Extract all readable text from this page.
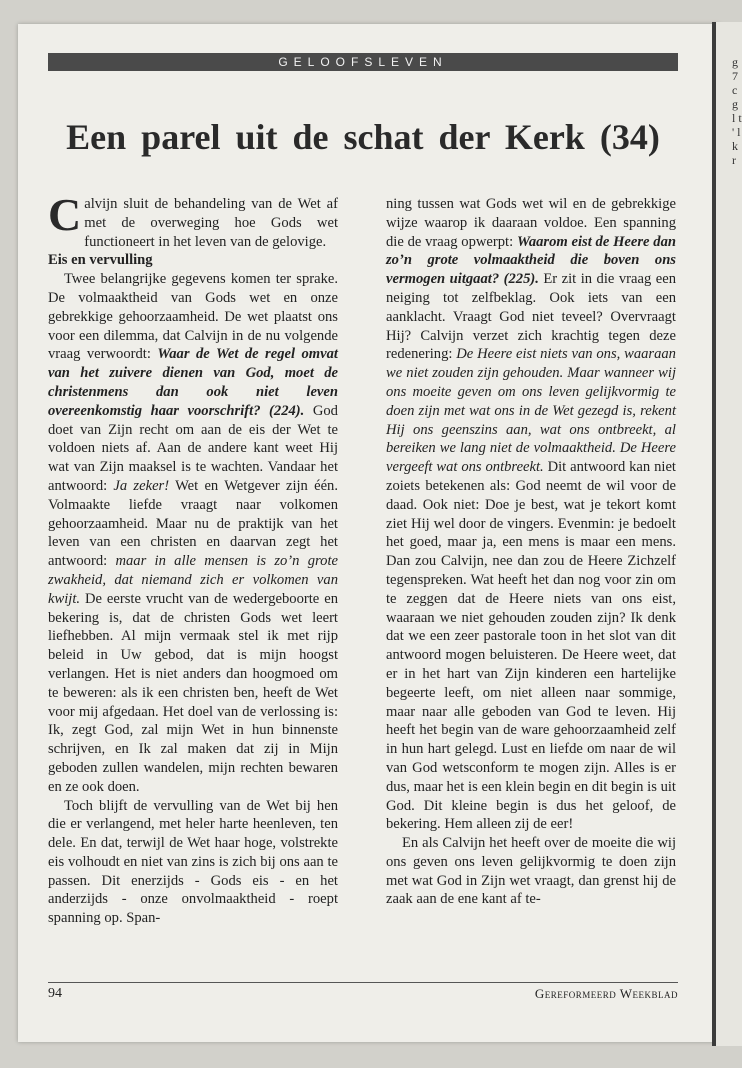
g 7 c g l t ' l k r
GELOOFSLEVEN
Een parel uit de schat der Kerk (34)

Calvijn sluit de behandeling van de Wet af met de overweging hoe Gods wet functioneert in het leven van de gelovige.

Eis en vervulling

Twee belangrijke gegevens komen ter sprake. De volmaaktheid van Gods wet en onze gebrekkige gehoorzaamheid. De wet plaatst ons voor een dilemma, dat Calvijn in de nu volgende vraag verwoordt: Waar de Wet de regel omvat van het zuivere dienen van God, moet de christenmens dan ook niet leven overeenkomstig haar voorschrift? (224). God doet van Zijn recht om aan de eis der Wet te voldoen niets af. Aan de andere kant weet Hij wat van Zijn maaksel is te wachten. Vandaar het antwoord: Ja zeker! Wet en Wetgever zijn één. Volmaakte liefde vraagt naar volkomen gehoorzaamheid. Maar nu de praktijk van het leven van een christen en daarvan zegt het antwoord: maar in alle mensen is zo’n grote zwakheid, dat niemand zich er volkomen van kwijt. De eerste vrucht van de wedergeboorte en bekering is, dat de christen Gods wet leert liefhebben. Al mijn vermaak stel ik met rijp beleid in Uw gebod, dat is mijn hoogst verlangen. Het is niet anders dan hoogmoed om te beweren: als ik een christen ben, heeft de Wet voor mij afgedaan. Het doel van de verlossing is: Ik, zegt God, zal mijn Wet in hun binnenste schrijven, en Ik zal maken dat zij in Mijn geboden zullen wandelen, mijn rechten bewaren en ze ook doen.

Toch blijft de vervulling van de Wet bij hen die er verlangend, met heler harte heenleven, ten dele. En dat, terwijl de Wet haar hoge, volstrekte eis volhoudt en niet van zins is zich bij ons aan te passen. Dit enerzijds - Gods eis - en het anderzijds - onze onvolmaaktheid - roept spanning op. Span-

ning tussen wat Gods wet wil en de gebrekkige wijze waarop ik daaraan voldoe. Een spanning die de vraag opwerpt: Waarom eist de Heere dan zo’n grote volmaaktheid die boven ons vermogen uitgaat? (225). Er zit in die vraag een neiging tot zelfbeklag. Ook iets van een aanklacht. Vraagt God niet teveel? Overvraagt Hij? Calvijn verzet zich krachtig tegen deze redenering: De Heere eist niets van ons, waaraan we niet zouden zijn gehouden. Maar wanneer wij ons moeite geven om ons leven gelijkvormig te doen zijn met wat ons in de Wet gezegd is, rekent Hij ons geenszins aan, wat ons ontbreekt, al bereiken we lang niet de volmaaktheid. De Heere vergeeft wat ons ontbreekt. Dit antwoord kan niet zoiets betekenen als: God neemt de wil voor de daad. Ook niet: Doe je best, wat je tekort komt ziet Hij wel door de vingers. Evenmin: je bedoelt het goed, maar ja, een mens is maar een mens. Dan zou Calvijn, nee dan zou de Heere Zichzelf tegenspreken. Wat heeft het dan nog voor zin om te zeggen dat de Heere niets van ons eist, waaraan we niet gehouden zouden zijn? Ik denk dat we een zeer pastorale toon in het slot van dit antwoord mogen beluisteren. De Heere weet, dat er in het hart van Zijn kinderen een hartelijke begeerte leeft, om niet alleen naar sommige, maar naar alle geboden van God te leven. Hij heeft het begin van de ware gehoorzaamheid zelf in hun hart gelegd. Lust en liefde om naar de wil van God wetsconform te mogen zijn. Alles is er dus, maar het is een klein begin en dit begin is uit God. Dit kleine begin is dus het geloof, de bekering. Hem alleen zij de eer!

En als Calvijn het heeft over de moeite die wij ons geven ons leven gelijkvormig te doen zijn met wat God in Zijn wet vraagt, dan grenst hij de zaak aan de ene kant af te-

94	Gereformeerd Weekblad
